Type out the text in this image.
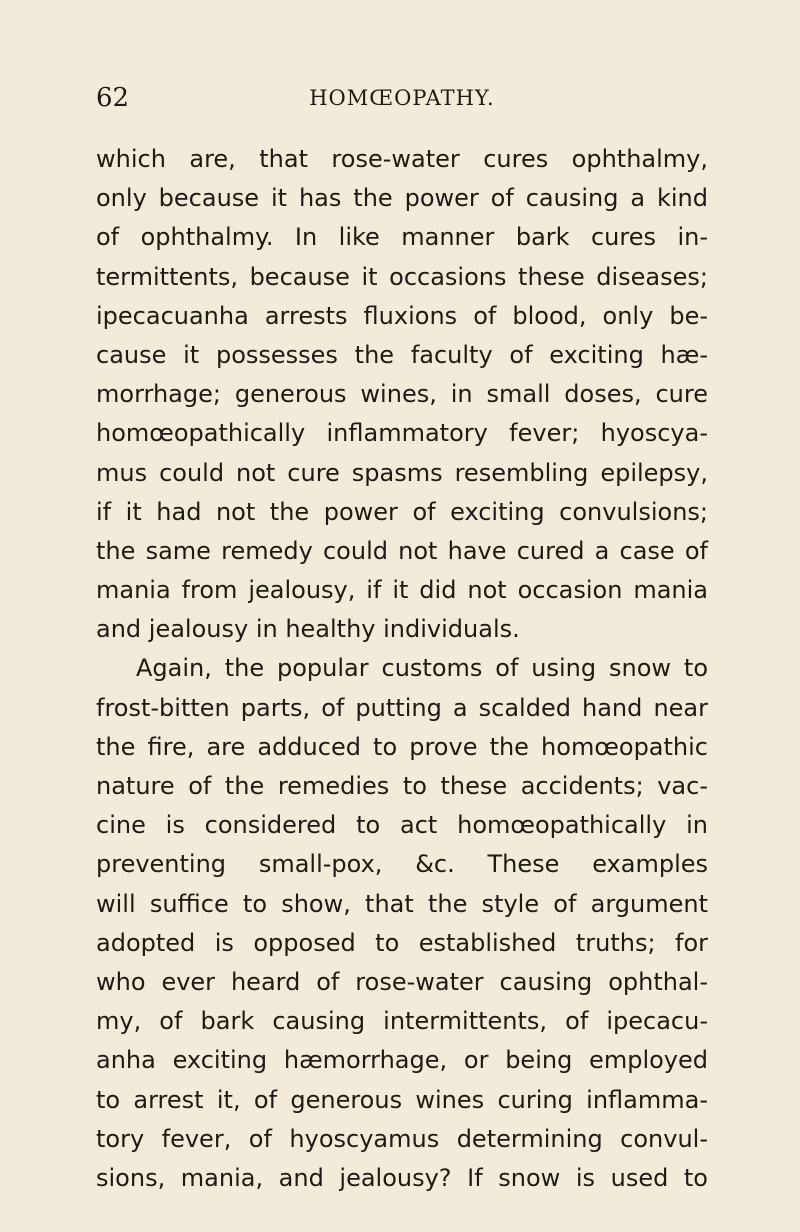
62	HOMŒOPATHY.
which are, that rose-water cures ophthalmy,
only because it has the power of causing a kind
of ophthalmy. In like manner bark cures in-
termittents, because it occasions these diseases;
ipecacuanha arrests fluxions of blood, only be-
cause it possesses the faculty of exciting hæ-
morrhage; generous wines, in small doses, cure
homœopathically inflammatory fever; hyoscya-
mus could not cure spasms resembling epilepsy,
if it had not the power of exciting convulsions;
the same remedy could not have cured a case of
mania from jealousy, if it did not occasion mania
and jealousy in healthy individuals.
Again, the popular customs of using snow to
frost-bitten parts, of putting a scalded hand near
the fire, are adduced to prove the homœopathic
nature of the remedies to these accidents; vac-
cine is considered to act homœopathically in
preventing small-pox, &c. These examples
will suffice to show, that the style of argument
adopted is opposed to established truths; for
who ever heard of rose-water causing ophthal-
my, of bark causing intermittents, of ipecacu-
anha exciting hæmorrhage, or being employed
to arrest it, of generous wines curing inflamma-
tory fever, of hyoscyamus determining convul-
sions, mania, and jealousy? If snow is used to
